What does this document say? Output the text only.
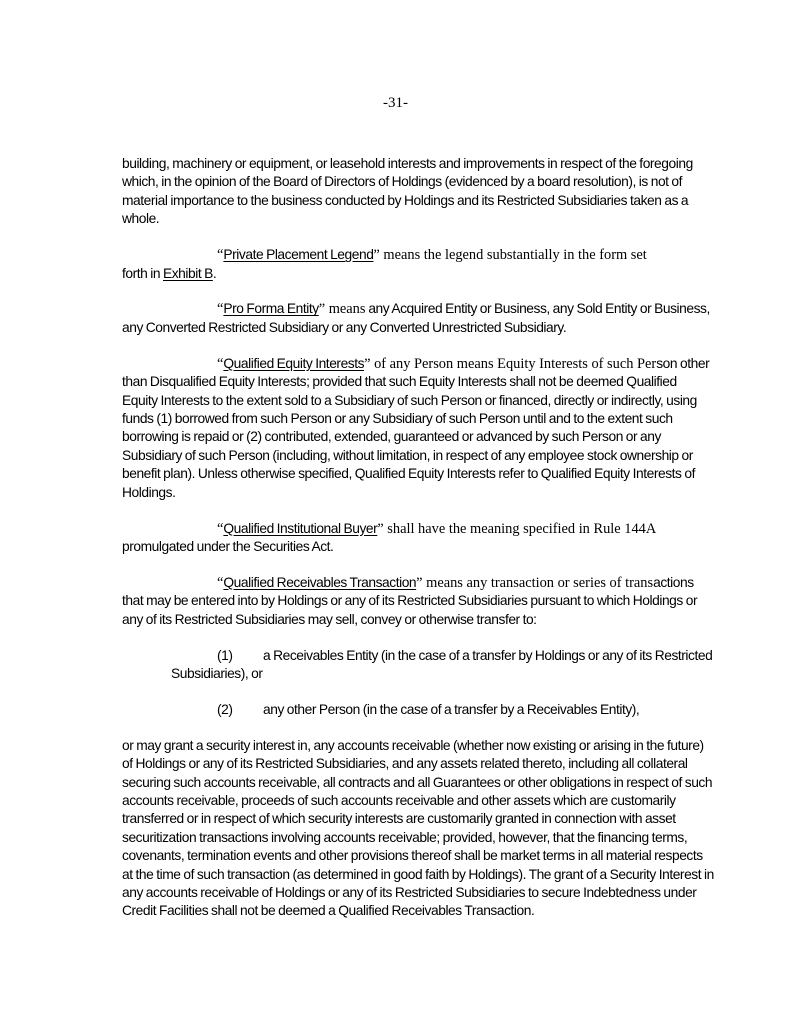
-31-

building, machinery or equipment, or leasehold interests and improvements in respect of the foregoing which, in the opinion of the Board of Directors of Holdings (evidenced by a board resolution), is not of material importance to the business conducted by Holdings and its Restricted Subsidiaries taken as a whole.

“Private Placement Legend” means the legend substantially in the form set
forth in Exhibit B.

“Pro Forma Entity” means any Acquired Entity or Business, any Sold Entity or Business, any Converted Restricted Subsidiary or any Converted Unrestricted Subsidiary.

“Qualified Equity Interests” of any Person means Equity Interests of such Person other than Disqualified Equity Interests; provided that such Equity Interests shall not be deemed Qualified Equity Interests to the extent sold to a Subsidiary of such Person or financed, directly or indirectly, using funds (1) borrowed from such Person or any Subsidiary of such Person until and to the extent such borrowing is repaid or (2) contributed, extended, guaranteed or advanced by such Person or any Subsidiary of such Person (including, without limitation, in respect of any employee stock ownership or benefit plan). Unless otherwise specified, Qualified Equity Interests refer to Qualified Equity Interests of Holdings.

“Qualified Institutional Buyer” shall have the meaning specified in Rule 144A promulgated under the Securities Act.

“Qualified Receivables Transaction” means any transaction or series of transactions that may be entered into by Holdings or any of its Restricted Subsidiaries pursuant to which Holdings or any of its Restricted Subsidiaries may sell, convey or otherwise transfer to:

(1) a Receivables Entity (in the case of a transfer by Holdings or any of its Restricted Subsidiaries), or

(2) any other Person (in the case of a transfer by a Receivables Entity),

or may grant a security interest in, any accounts receivable (whether now existing or arising in the future) of Holdings or any of its Restricted Subsidiaries, and any assets related thereto, including all collateral securing such accounts receivable, all contracts and all Guarantees or other obligations in respect of such accounts receivable, proceeds of such accounts receivable and other assets which are customarily transferred or in respect of which security interests are customarily granted in connection with asset securitization transactions involving accounts receivable; provided, however, that the financing terms, covenants, termination events and other provisions thereof shall be market terms in all material respects at the time of such transaction (as determined in good faith by Holdings). The grant of a Security Interest in any accounts receivable of Holdings or any of its Restricted Subsidiaries to secure Indebtedness under Credit Facilities shall not be deemed a Qualified Receivables Transaction.
